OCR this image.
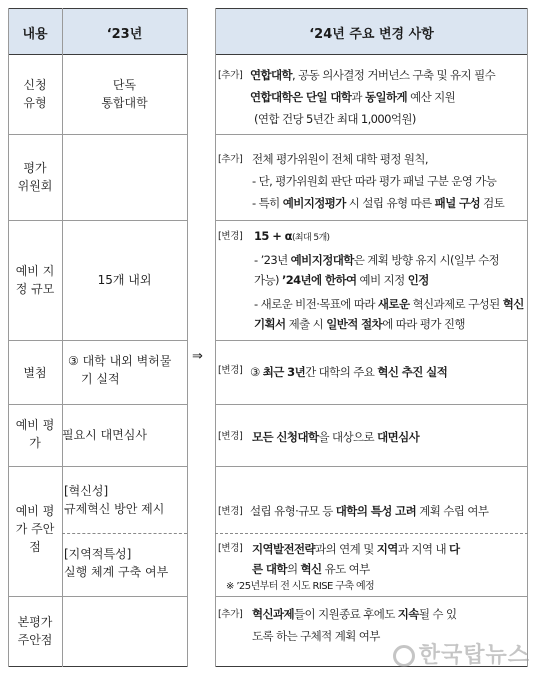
내용	‘23년	‘24년 주요 변경 사항
⇒
신청
유형
평가
위원회
예비 지
정 규모
별첨
예비 평
가
예비 평
가 주안
점
본평가
주안점
단독
통합대학
15개 내외
③ 대학 내외 벽허물
기 실적
필요시 대면심사
[혁신성]
규제혁신 방안 제시
[지역적특성]
실행 체계 구축 여부
[추가] 연합대학, 공동 의사결정 거버넌스 구축 및 유지 필수
연합대학은 단일 대학과 동일하게 예산 지원
(연합 건당 5년간 최대 1,000억원)
[추가] 전체 평가위원이 전체 대학 평정 원칙,
- 단, 평가위원회 판단 따라 평가 패널 구분 운영 가능
- 특히 예비지정평가 시 설립 유형 따른 패널 구성 검토
[변경] 15 + α(최대 5개)
- ’23년 예비지정대학은 계획 방향 유지 시(일부 수정
가능) ’24년에 한하여 예비 지정 인정
- 새로운 비전·목표에 따라 새로운 혁신과제로 구성된 혁신
기획서 제출 시 일반적 절차에 따라 평가 진행
[변경] ③ 최근 3년간 대학의 주요 혁신 추진 실적
[변경] 모든 신청대학을 대상으로 대면심사
[변경] 설립 유형·규모 등 대학의 특성 고려 계획 수립 여부
[변경] 지역발전전략과의 연계 및 지역과 지역 내 다
른 대학의 혁신 유도 여부
※ ’25년부터 전 시도 RISE 구축 예정
[추가] 혁신과제들이 지원종료 후에도 지속될 수 있
도록 하는 구체적 계획 여부
한국탑뉴스
